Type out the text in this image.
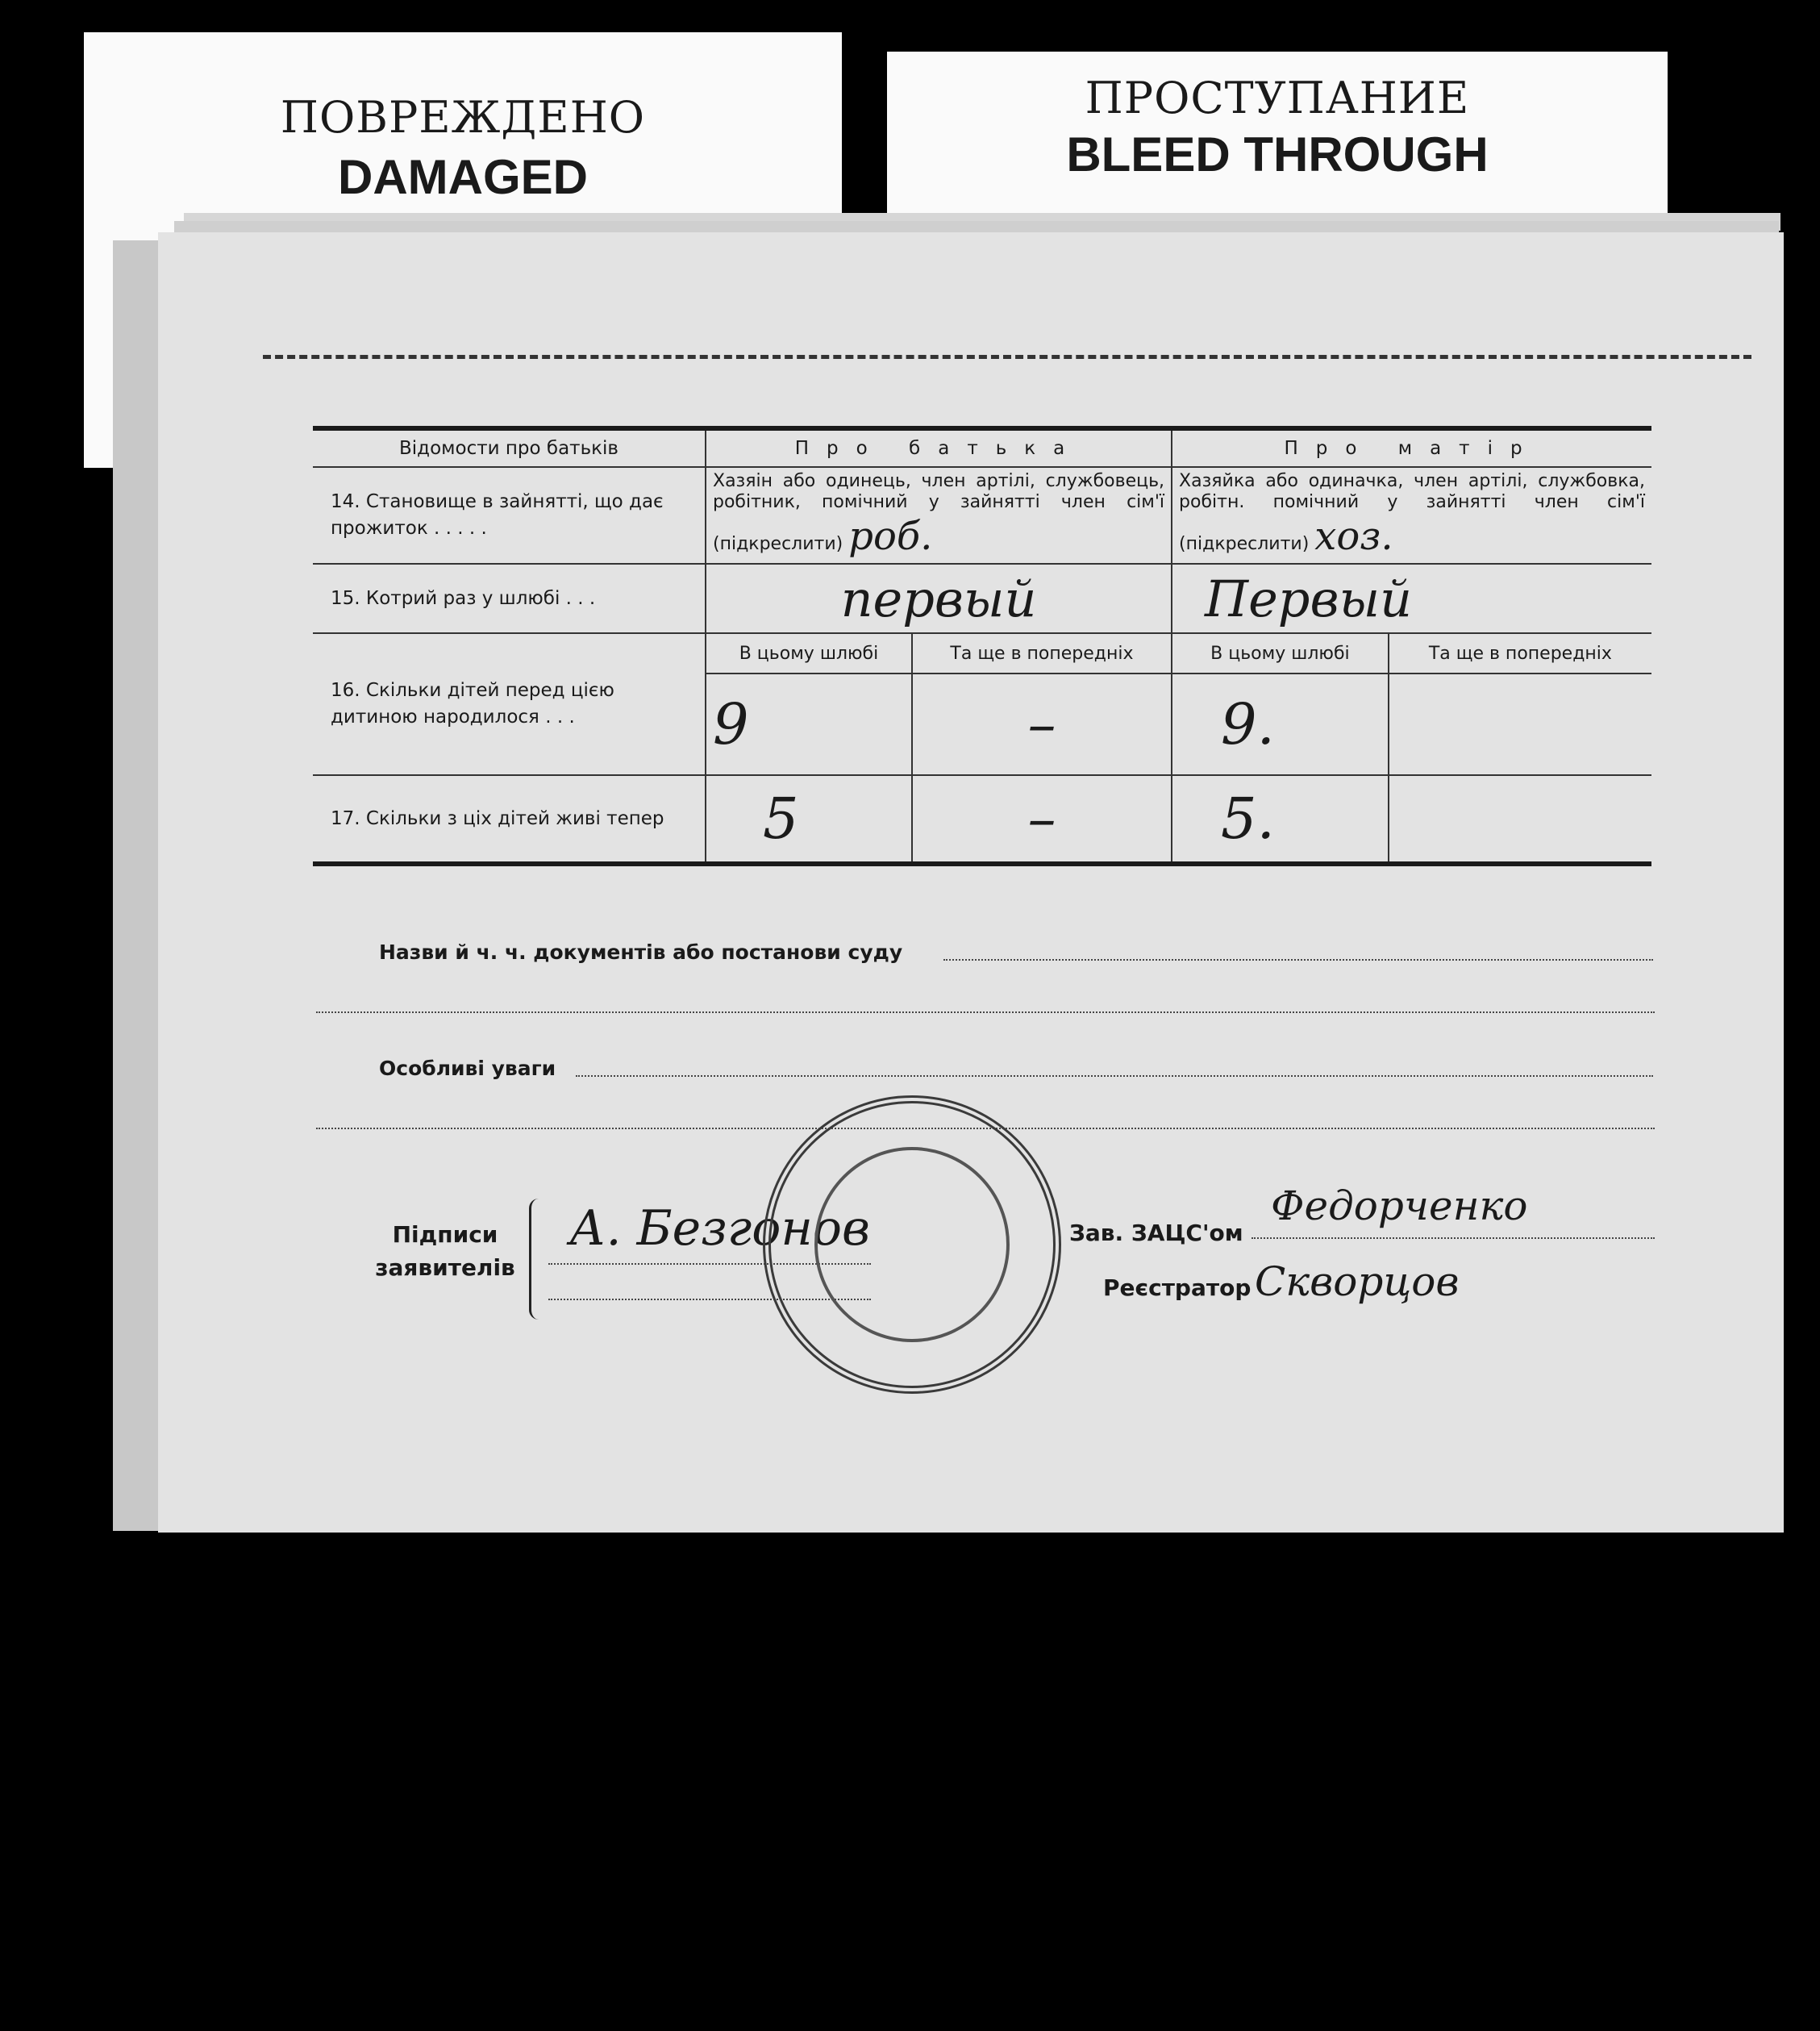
ПОВРЕЖДЕНО
DAMAGED
ПРОСТУПАНИЕ
BLEED THROUGH
Відомости про батьків	Про батька		Про матір	

14. Становище в зайнятті, що дає прожиток . . . . .	Хазяін або одинець, член артілі, службовець, робітник, помічний у зайнятті член сім'ї (підкреслити) роб.		Хазяйка або одиначка, член артілі, службовка, робітн. помічний у зайнятті член сім'ї (підкреслити) хоз.	

15. Котрий раз у шлюбі . . .	первый		Первый	

16. Скільки дітей перед цією дитиною народилося . . .	В цьому шлюбі	Та ще в попередніх	В цьому шлюбі	Та ще в попередніх
	9	–	9.	

17. Скільки з ціх дітей живі тепер	5	–	5.	
Назви й ч. ч. документів або постанови суду
Особливі уваги
Підписи
заявителів
А. Безгонов	Зав. ЗАЦС'ом
Федорченко
Реєстратор Скворцов
